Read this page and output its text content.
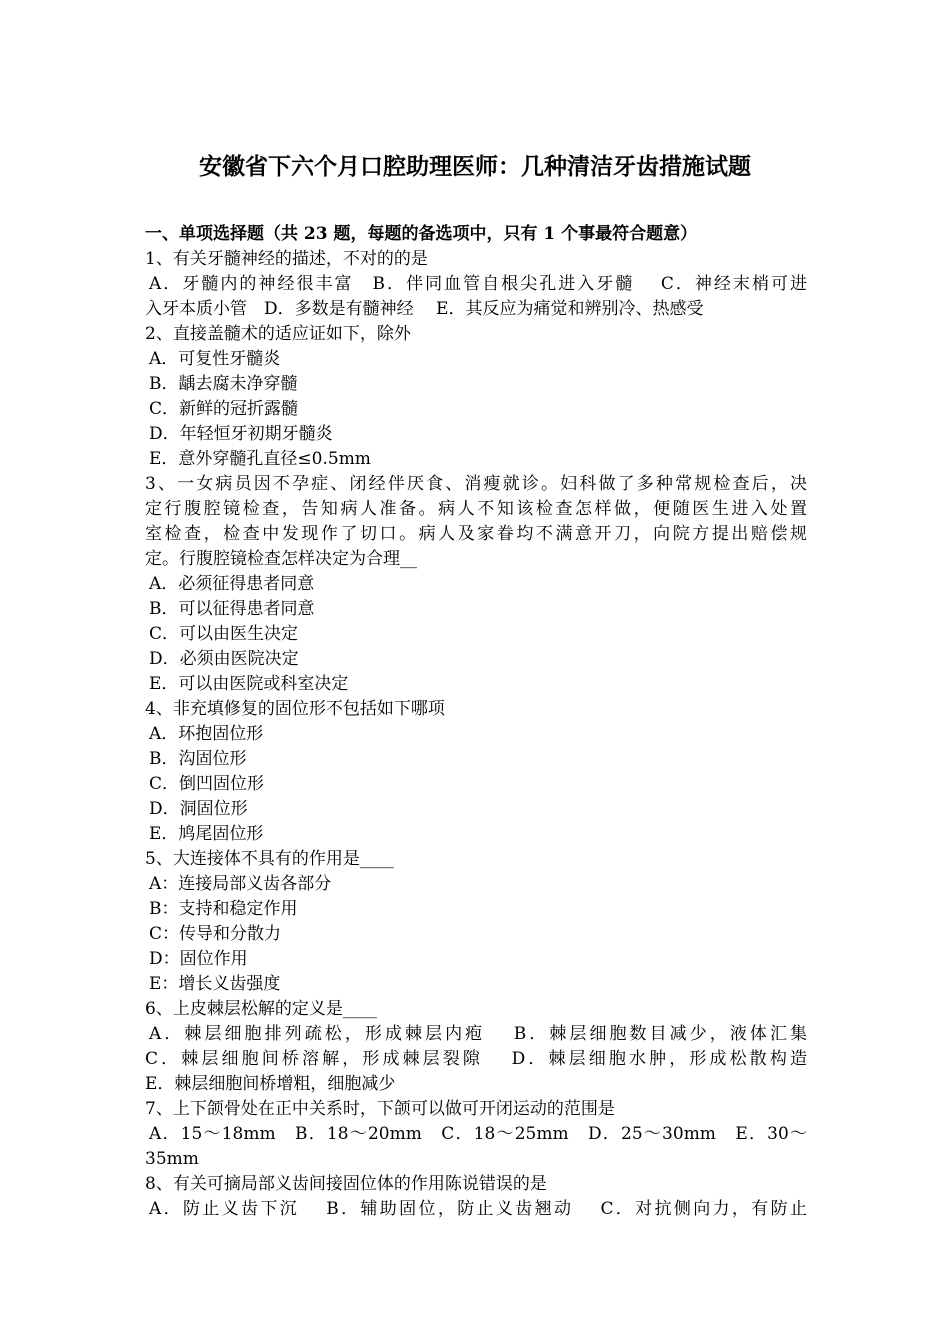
安徽省下六个月口腔助理医师：几种清洁牙齿措施试题
一、单项选择题（共 23 题，每题的备选项中，只有 1 个事最符合题意）
1、有关牙髓神经的描述，不对的的是
A．牙髓内的神经很丰富　B．伴同血管自根尖孔进入牙髓　 C．神经末梢可进
入牙本质小管　D．多数是有髓神经　 E．其反应为痛觉和辨别冷、热感受
2、直接盖髓术的适应证如下，除外
A．可复性牙髓炎
B．龋去腐未净穿髓
C．新鲜的冠折露髓
D．年轻恒牙初期牙髓炎
E．意外穿髓孔直径≤0.5mm
3、一女病员因不孕症、闭经伴厌食、消瘦就诊。妇科做了多种常规检查后，决
定行腹腔镜检查，告知病人准备。病人不知该检查怎样做，便随医生进入处置
室检查，检查中发现作了切口。病人及家眷均不满意开刀，向院方提出赔偿规
定。行腹腔镜检查怎样决定为合理__
A．必须征得患者同意
B．可以征得患者同意
C．可以由医生决定
D．必须由医院决定
E．可以由医院或科室决定
4、非充填修复的固位形不包括如下哪项
A．环抱固位形
B．沟固位形
C．倒凹固位形
D．洞固位形
E．鸠尾固位形
5、大连接体不具有的作用是____
A：连接局部义齿各部分
B：支持和稳定作用
C：传导和分散力
D：固位作用
E：增长义齿强度
6、上皮棘层松解的定义是____
A．棘层细胞排列疏松，形成棘层内疱　 B．棘层细胞数目减少，液体汇集
C．棘层细胞间桥溶解，形成棘层裂隙　 D．棘层细胞水肿，形成松散构造
E．棘层细胞间桥增粗，细胞减少
7、上下颌骨处在正中关系时，下颌可以做可开闭运动的范围是
A．15～18mm　B．18～20mm　C．18～25mm　D．25～30mm　E．30～
35mm
8、有关可摘局部义齿间接固位体的作用陈说错误的是
A．防止义齿下沉　 B．辅助固位，防止义齿翘动　 C．对抗侧向力，有防止
